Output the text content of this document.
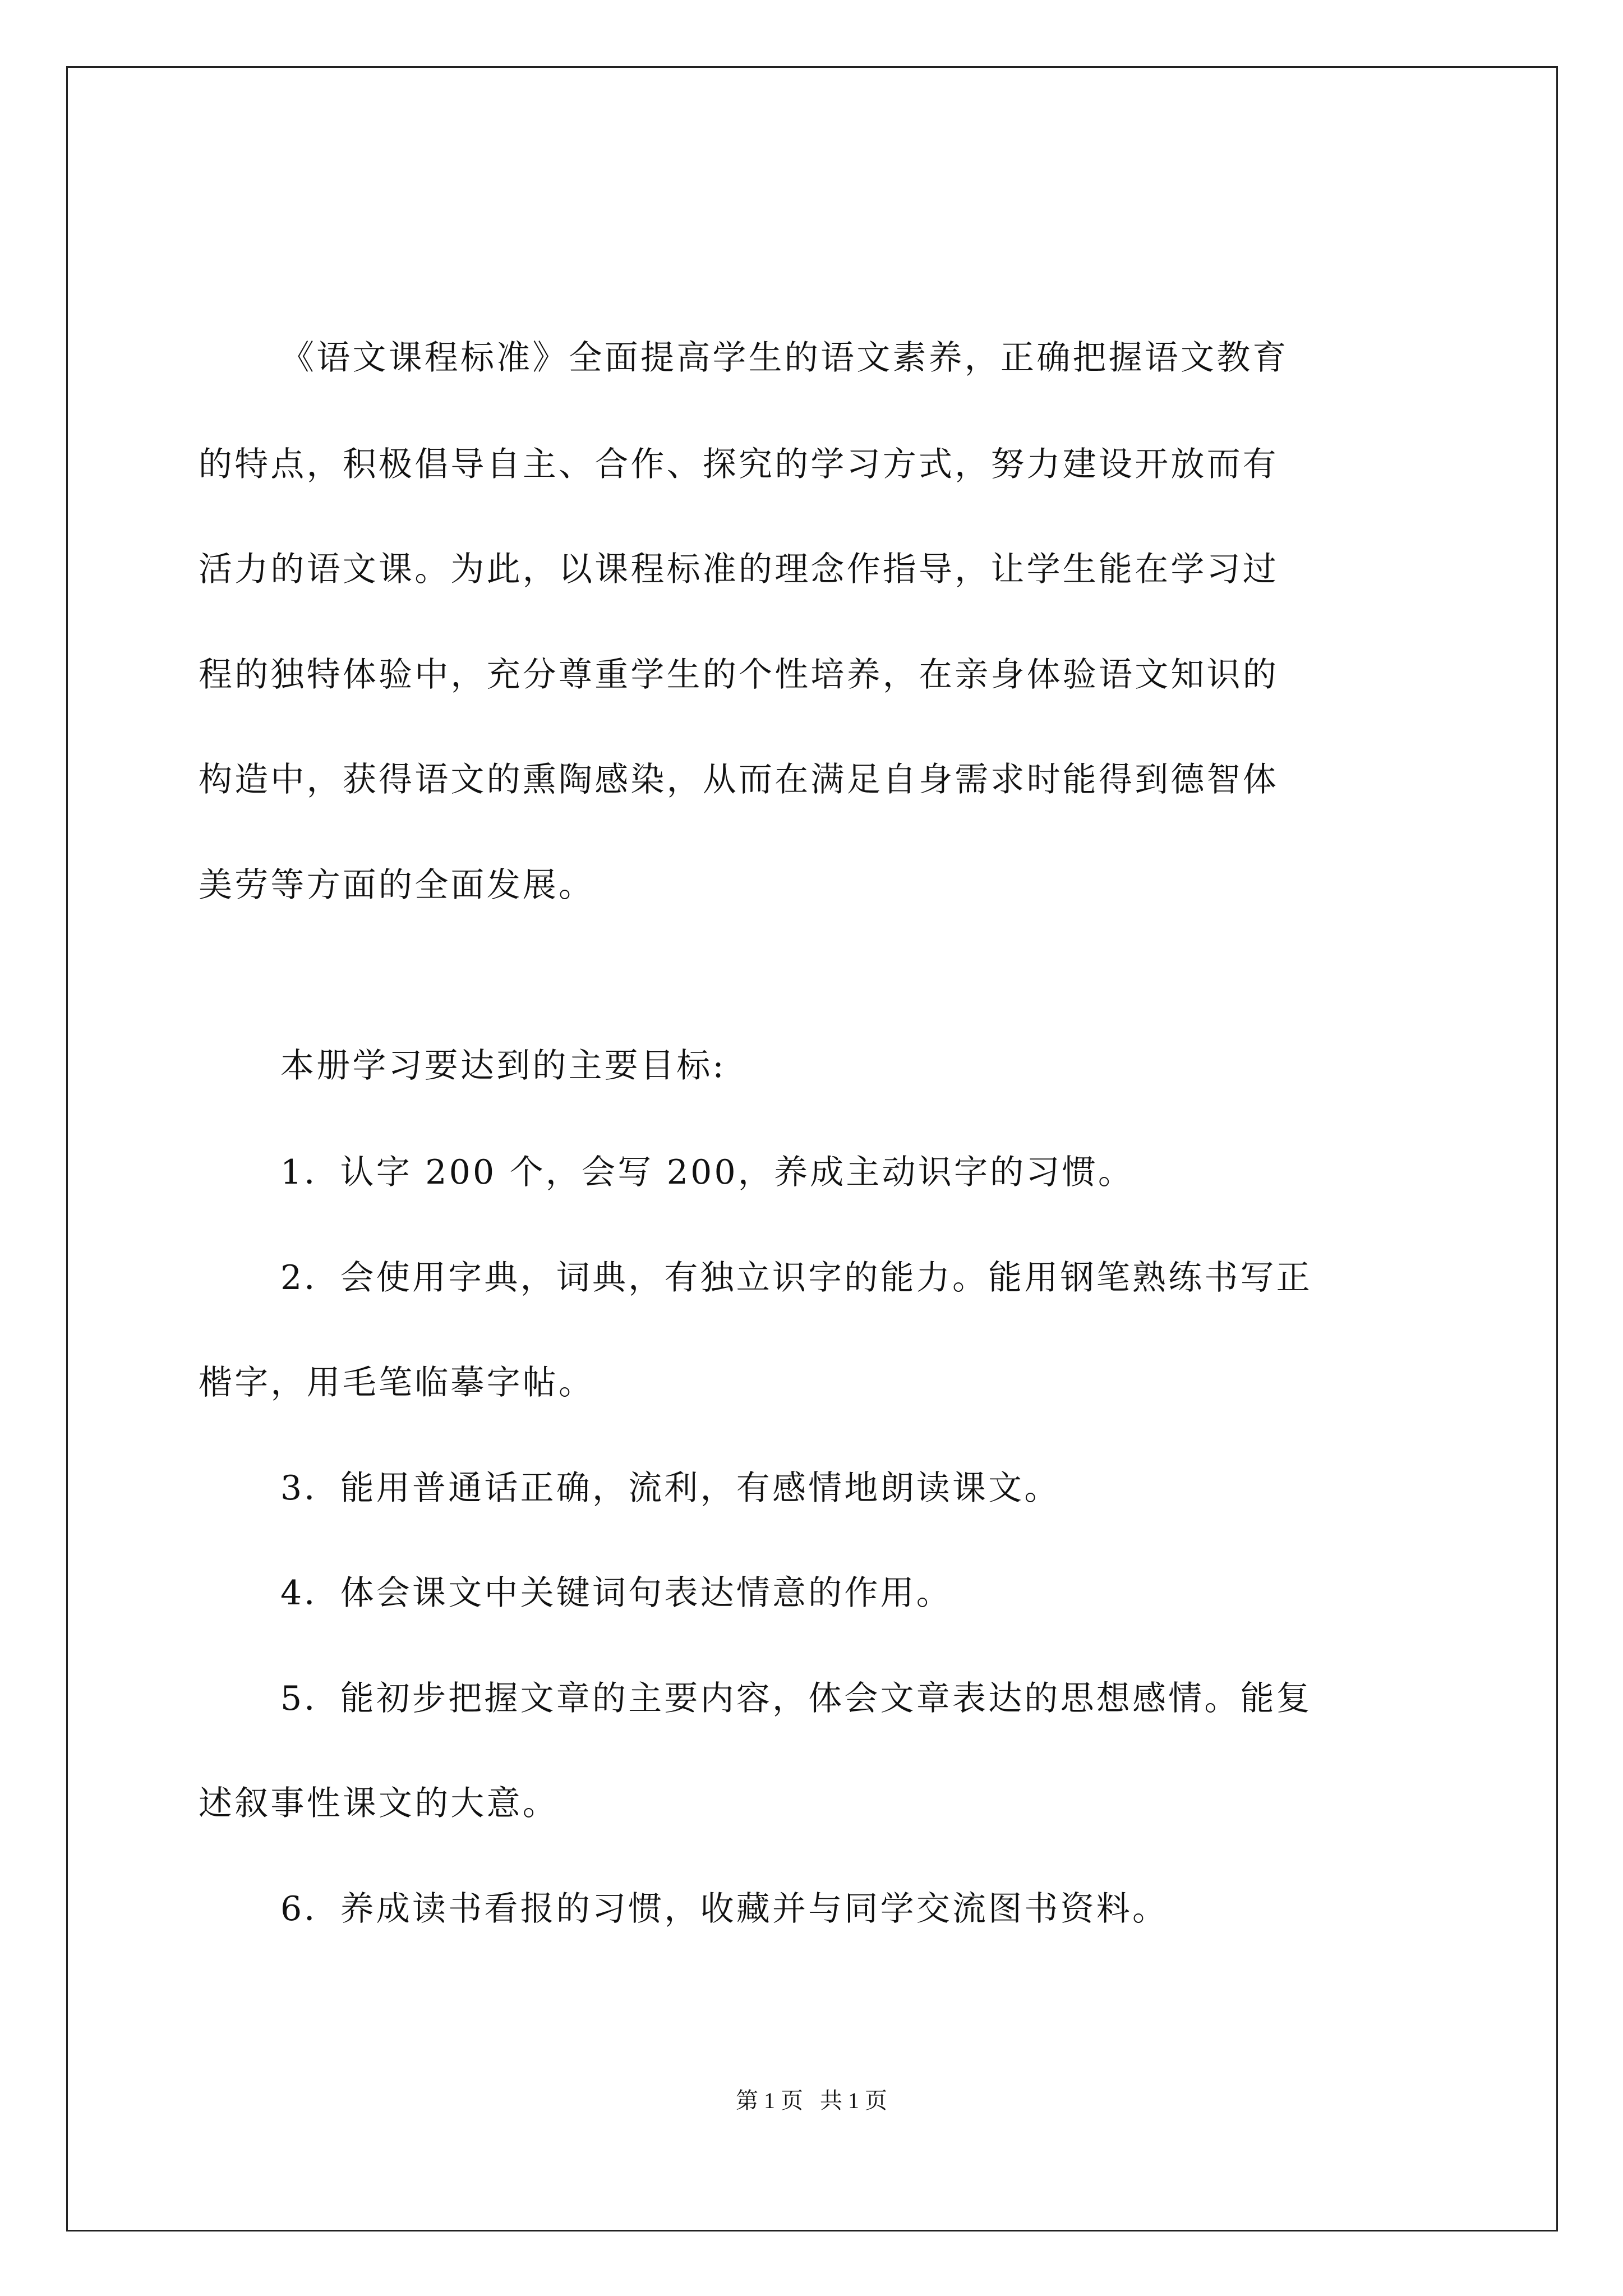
《语文课程标准》全面提高学生的语文素养，正确把握语文教育
的特点，积极倡导自主、合作、探究的学习方式，努力建设开放而有
活力的语文课。为此，以课程标准的理念作指导，让学生能在学习过
程的独特体验中，充分尊重学生的个性培养，在亲身体验语文知识的
构造中，获得语文的熏陶感染，从而在满足自身需求时能得到德智体
美劳等方面的全面发展。
本册学习要达到的主要目标:
1．认字 200 个，会写 200，养成主动识字的习惯。
2．会使用字典，词典，有独立识字的能力。能用钢笔熟练书写正
楷字，用毛笔临摹字帖。
3．能用普通话正确，流利，有感情地朗读课文。
4．体会课文中关键词句表达情意的作用。
5．能初步把握文章的主要内容，体会文章表达的思想感情。能复
述叙事性课文的大意。
6．养成读书看报的习惯，收藏并与同学交流图书资料。
第 1 页   共 1 页
